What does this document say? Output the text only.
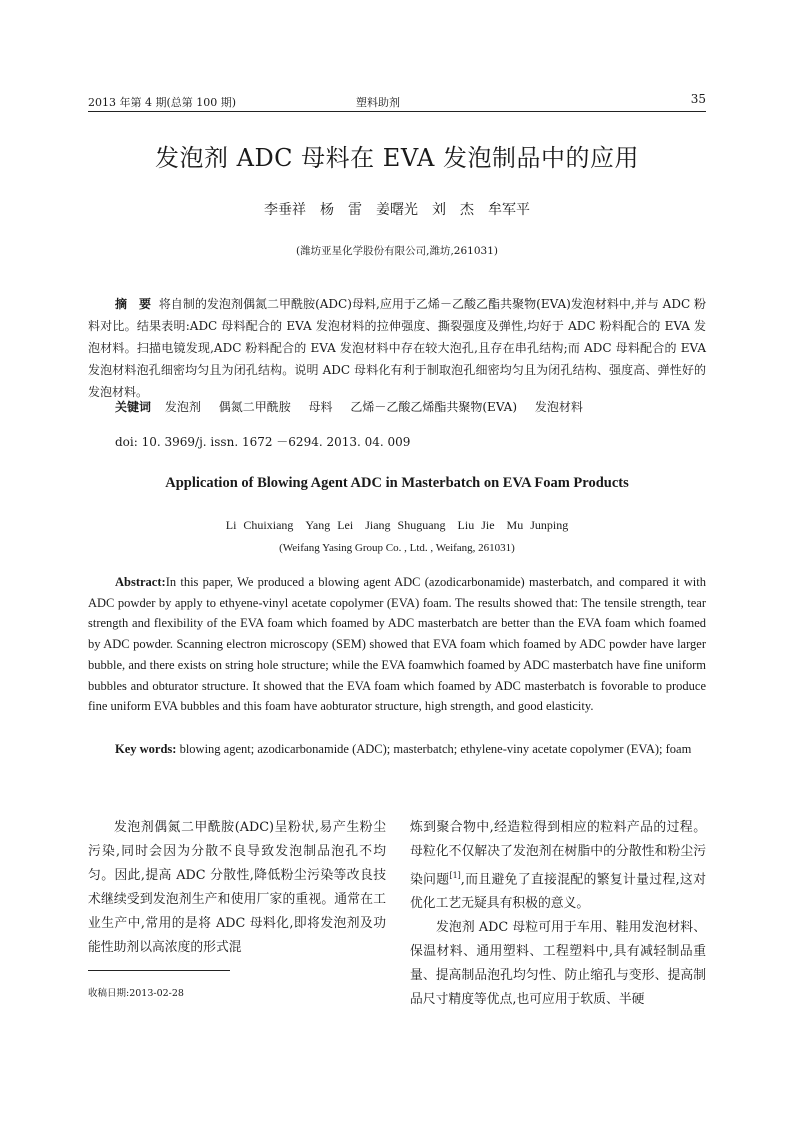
2013 年第 4 期(总第 100 期)	塑料助剂	35
发泡剂 ADC 母料在 EVA 发泡制品中的应用
李垂祥　杨　雷　姜曙光　刘　杰　牟军平
(潍坊亚星化学股份有限公司,潍坊,261031)
摘　要 将自制的发泡剂偶氮二甲酰胺(ADC)母料,应用于乙烯－乙酸乙酯共聚物(EVA)发泡材料中,并与 ADC 粉料对比。结果表明:ADC 母料配合的 EVA 发泡材料的拉伸强度、撕裂强度及弹性,均好于 ADC 粉料配合的 EVA 发泡材料。扫描电镜发现,ADC 粉料配合的 EVA 发泡材料中存在较大泡孔,且存在串孔结构;而 ADC 母料配合的 EVA 发泡材料泡孔细密均匀且为闭孔结构。说明 ADC 母料化有利于制取泡孔细密均匀且为闭孔结构、强度高、弹性好的发泡材料。
关键词 发泡剂 偶氮二甲酰胺 母料 乙烯－乙酸乙烯酯共聚物(EVA) 发泡材料
doi: 10. 3969/j. issn. 1672 －6294. 2013. 04. 009
Application of Blowing Agent ADC in Masterbatch on EVA Foam Products
Li Chuixiang　Yang Lei　Jiang Shuguang　Liu Jie　Mu Junping
(Weifang Yasing Group Co. , Ltd. , Weifang, 261031)
Abstract:In this paper, We produced a blowing agent ADC (azodicarbonamide) masterbatch, and compared it with ADC powder by apply to ethyene-vinyl acetate copolymer (EVA) foam. The results showed that: The tensile strength, tear strength and flexibility of the EVA foam which foamed by ADC masterbatch are better than the EVA foam which foamed by ADC powder. Scanning electron microscopy (SEM) showed that EVA foam which foamed by ADC powder have larger bubble, and there exists on string hole structure; while the EVA foamwhich foamed by ADC masterbatch have fine uniform bubbles and obturator structure. It showed that the EVA foam which foamed by ADC masterbatch is fovorable to produce fine uniform EVA bubbles and this foam have aobturator structure, high strength, and good elasticity.
Key words: blowing agent; azodicarbonamide (ADC); masterbatch; ethylene-viny acetate copolymer (EVA); foam

发泡剂偶氮二甲酰胺(ADC)呈粉状,易产生粉尘污染,同时会因为分散不良导致发泡制品泡孔不均匀。因此,提高 ADC 分散性,降低粉尘污染等改良技术继续受到发泡剂生产和使用厂家的重视。通常在工业生产中,常用的是将 ADC 母料化,即将发泡剂及功能性助剂以高浓度的形式混

炼到聚合物中,经造粒得到相应的粒料产品的过程。母粒化不仅解决了发泡剂在树脂中的分散性和粉尘污染问题[1],而且避免了直接混配的繁复计量过程,这对优化工艺无疑具有积极的意义。

发泡剂 ADC 母粒可用于车用、鞋用发泡材料、保温材料、通用塑料、工程塑料中,具有减轻制品重量、提高制品泡孔均匀性、防止缩孔与变形、提高制品尺寸精度等优点,也可应用于软质、半硬

收稿日期:2013-02-28
